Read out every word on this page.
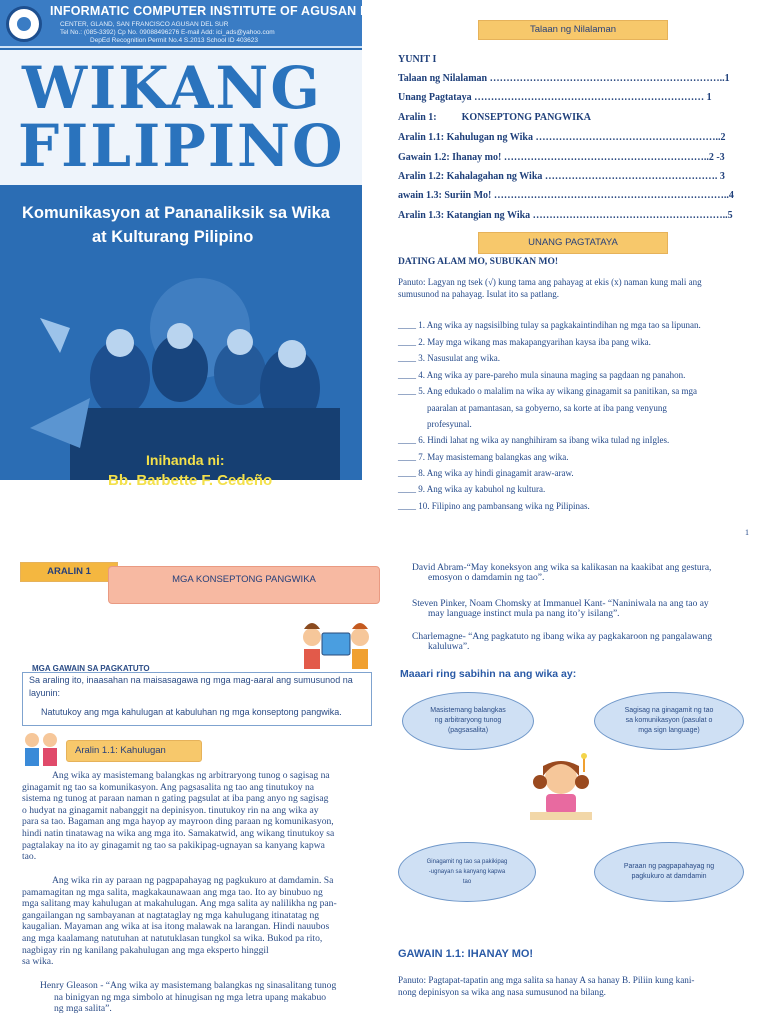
INFORMATIC COMPUTER INSTITUTE OF AGUSAN DEL SUR
CENTER, GLAND, SAN FRANCISCO AGUSAN DEL SUR
Tel No.: (085-3392) Cp No. 09088496276 E-mail Add: ici_ads@yahoo.com
DepEd Recognition Permit No.4 S.2013 School ID 403623
WIKANG
FILIPINO
Komunikasyon at Pananaliksik sa Wika
at Kulturang Pilipino
Inihanda ni:
Bb. Barbette F. Cedeño
Talaan ng Nilalaman
YUNIT I
Talaan ng Nilalaman ……………………………………………………………..1
Unang Pagtataya …………………………………………………………… 1
Aralin 1:          KONSEPTONG PANGWIKA
Aralin 1.1: Kahulugan ng Wika ………………………………………………..2
Gawain 1.2: Ihanay mo! ……………………………………………………..2 -3
Aralin 1.2: Kahalagahan ng Wika ……………………………………………. 3
awain 1.3: Suriin Mo! ……………………………………………………………..4
Aralin 1.3: Katangian ng Wika …………………………………………………..5
UNANG PAGTATAYA
DATING ALAM MO, SUBUKAN MO!
Panuto: Lagyan ng tsek (√) kung tama ang pahayag at ekis (x) naman kung mali ang
sumusunod na pahayag. Isulat ito sa patlang.
____ 1. Ang wika ay nagsisilbing tulay sa pagkakaintindihan ng mga tao sa lipunan.
____ 2. May mga wikang mas makapangyarihan kaysa iba pang wika.
____ 3. Nasusulat ang wika.
____ 4. Ang wika ay pare-pareho mula sinauna maging sa pagdaan ng panahon.
____ 5. Ang edukado o malalim na wika ay wikang ginagamit sa panitikan, sa mga
paaralan at pamantasan, sa gobyerno, sa korte at iba pang venyung
profesyunal.
____ 6. Hindi lahat ng wika ay nanghihiram sa ibang wika tulad ng inIgles.
____ 7. May masistemang balangkas ang wika.
____ 8. Ang wika ay hindi ginagamit araw-araw.
____ 9. Ang wika ay kabuhol ng kultura.
____ 10. Filipino ang pambansang wika ng Pilipinas.
1
ARALIN 1
MGA KONSEPTONG PANGWIKA
MGA GAWAIN SA PAGKATUTO
Sa araling ito, inaasahan na maisasagawa ng mga mag-aaral ang sumusunod na
layunin:
Natutukoy ang mga kahulugan at kabuluhan ng mga konseptong pangwika.
Aralin 1.1: Kahulugan
Ang wika ay masistemang balangkas ng arbitraryong tunog o sagisag na
ginagamit ng tao sa komunikasyon. Ang pagsasalita ng tao ang tinutukoy na
sistema ng tunog at paraan naman n gating pagsulat at iba pang anyo ng sagisag
o hudyat na ginagamit nabanggit na depinisyon. tinutukoy rin na ang wika ay
para sa tao. Bagaman ang mga hayop ay mayroon ding paraan ng komunikasyon,
hindi natin tinatawag na wika ang mga ito. Samakatwid, ang wikang tinutukoy sa
pagtalakay na ito ay ginagamit ng tao sa pakikipag-ugnayan sa kanyang kapwa
tao.
Ang wika rin ay paraan ng pagpapahayag ng pagkukuro at damdamin. Sa
pamamagitan ng mga salita, magkakaunawaan ang mga tao. Ito ay binubuo ng
mga salitang may kahulugan at makahulugan. Ang mga salita ay nalilikha ng pan-
gangailangan ng sambayanan at nagtataglay ng mga kahulugang itinatatag ng
kaugalian. Mayaman ang wika at isa itong malawak na larangan. Hindi nauubos
ang mga kaalamang natutuhan at natutuklasan tungkol sa wika. Bukod pa rito,
nagbigay rin ng kanilang pakahulugan ang mga eksperto hinggil
sa wika.
Henry Gleason - “Ang wika ay masistemang balangkas ng sinasalitang tunog
na binigyan ng mga simbolo at hinugisan ng mga letra upang makabuo
ng mga salita”.
David Abram-“May koneksyon ang wika sa kalikasan na kaakibat ang gestura,
emosyon o damdamin ng tao”.
Steven Pinker, Noam Chomsky at Immanuel Kant- “Naniniwala na ang tao ay
may language instinct mula pa nang ito’y isilang”.
Charlemagne- “Ang pagkatuto ng ibang wika ay pagkakaroon ng pangalawang
kaluluwa”.
Maaari ring sabihin na ang wika ay:
Masistemang balangkas
ng arbitraryong tunog
(pagsasalita)
Sagisag na ginagamit ng tao
sa komunikasyon (pasulat o
mga sign language)
Ginagamit ng tao sa pakikipag
-ugnayan sa kanyang kapwa
tao
Paraan ng pagpapahayag ng
pagkukuro at damdamin
GAWAIN 1.1: IHANAY MO!
Panuto: Pagtapat-tapatin ang mga salita sa hanay A sa hanay B. Piliin kung kani-
nong depinisyon sa wika ang nasa sumusunod na bilang.
